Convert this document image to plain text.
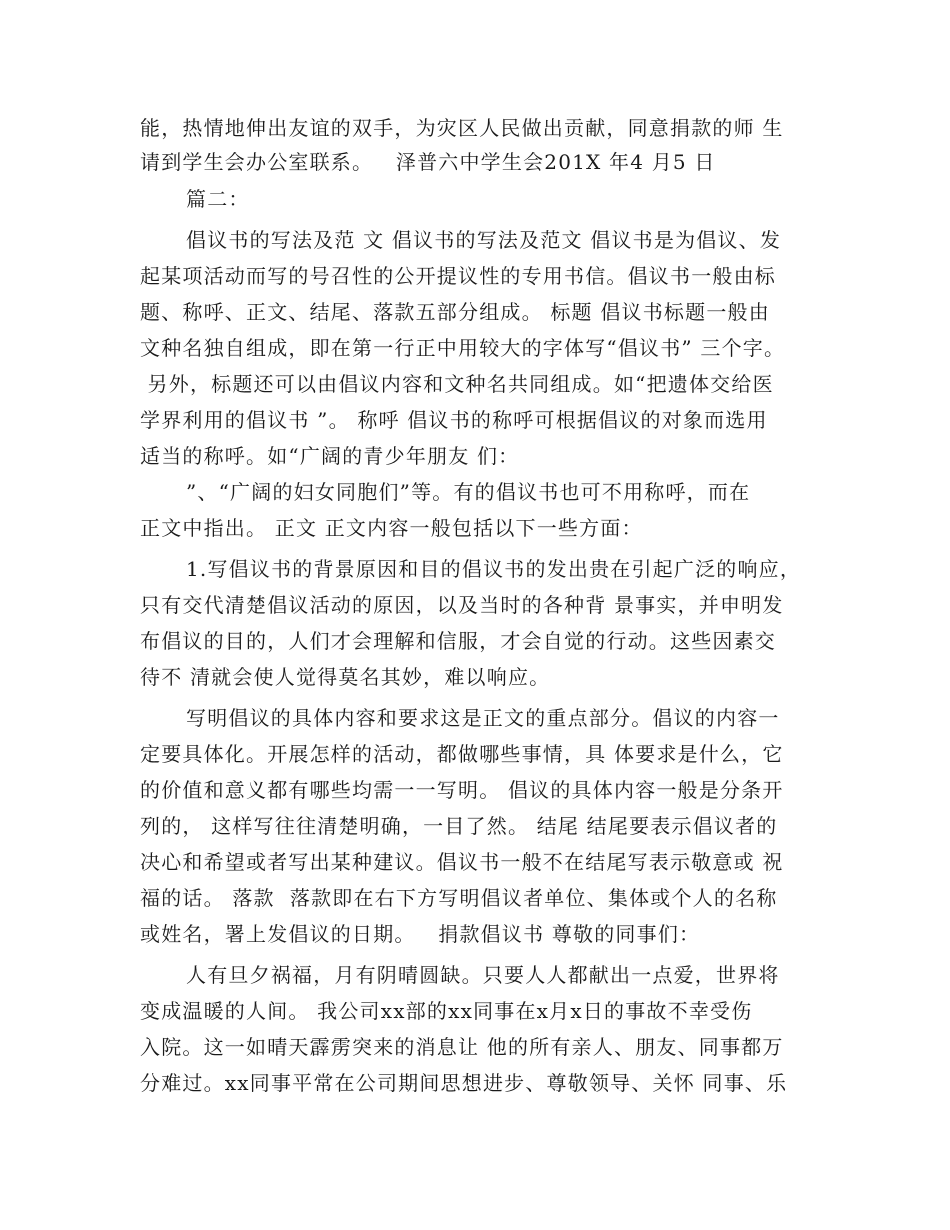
能，热情地伸出友谊的双手，为灾区人民做出贡献，同意捐款的师 生
请到学生会办公室联系。   泽普六中学生会201X 年4 月5 日
篇二：
倡议书的写法及范 文 倡议书的写法及范文 倡议书是为倡议、发
起某项活动而写的号召性的公开提议性的专用书信。倡议书一般由标
题、称呼、正文、结尾、落款五部分组成。 标题 倡议书标题一般由
文种名独自组成，即在第一行正中用较大的字体写“倡议书” 三个字。
另外，标题还可以由倡议内容和文种名共同组成。如“把遗体交给医
学界利用的倡议书 ”。 称呼 倡议书的称呼可根据倡议的对象而选用
适当的称呼。如“广阔的青少年朋友 们：
”、“广阔的妇女同胞们”等。有的倡议书也可不用称呼，而在
正文中指出。 正文 正文内容一般包括以下一些方面：
1.写倡议书的背景原因和目的倡议书的发出贵在引起广泛的响应，
只有交代清楚倡议活动的原因，以及当时的各种背 景事实，并申明发
布倡议的目的，人们才会理解和信服，才会自觉的行动。这些因素交
待不 清就会使人觉得莫名其妙，难以响应。
写明倡议的具体内容和要求这是正文的重点部分。倡议的内容一
定要具体化。开展怎样的活动，都做哪些事情，具 体要求是什么，它
的价值和意义都有哪些均需一一写明。 倡议的具体内容一般是分条开
列的， 这样写往往清楚明确，一目了然。 结尾 结尾要表示倡议者的
决心和希望或者写出某种建议。倡议书一般不在结尾写表示敬意或 祝
福的话。 落款  落款即在右下方写明倡议者单位、集体或个人的名称
或姓名，署上发倡议的日期。   捐款倡议书 尊敬的同事们：
人有旦夕祸福，月有阴晴圆缺。只要人人都献出一点爱，世界将
变成温暖的人间。 我公司xx部的xx同事在x月x日的事故不幸受伤
入院。这一如晴天霹雳突来的消息让 他的所有亲人、朋友、同事都万
分难过。xx同事平常在公司期间思想进步、尊敬领导、关怀 同事、乐
